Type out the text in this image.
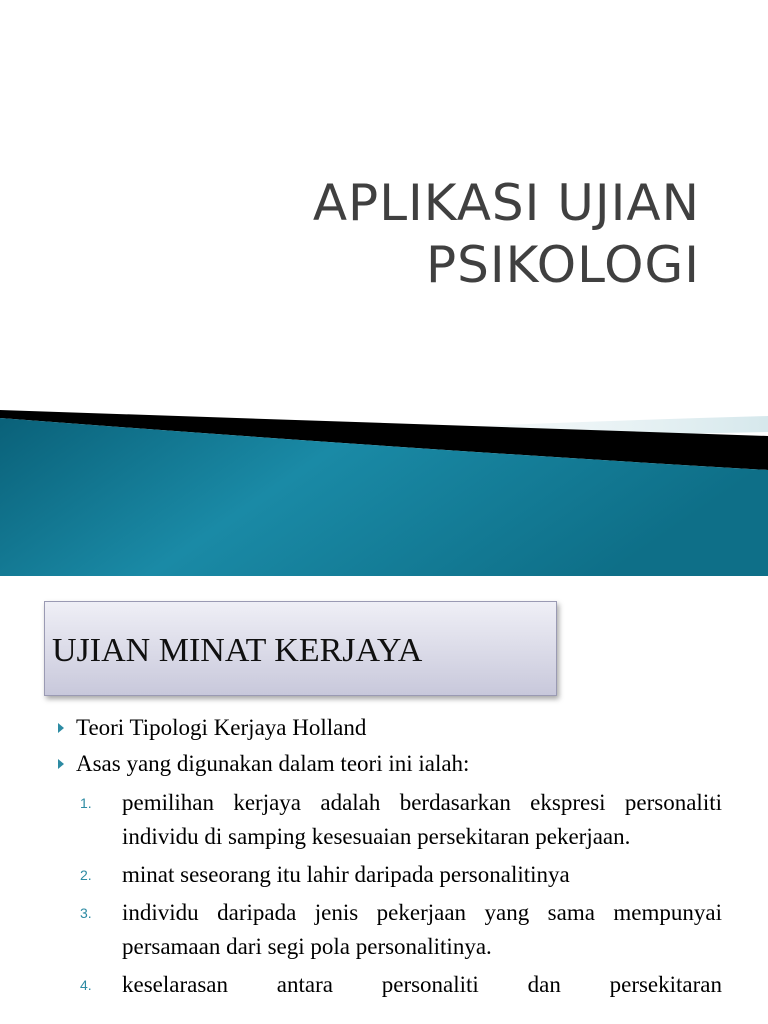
APLIKASI UJIAN
PSIKOLOGI
UJIAN MINAT KERJAYA
Teori Tipologi Kerjaya Holland
Asas yang digunakan dalam teori ini ialah:
1. pemilihan kerjaya adalah berdasarkan ekspresi personaliti individu di samping kesesuaian persekitaran pekerjaan.
2. minat seseorang itu lahir daripada personalitinya
3. individu daripada jenis pekerjaan yang sama mempunyai persamaan dari segi pola personalitinya.
4. keselarasan antara personaliti dan persekitaran
